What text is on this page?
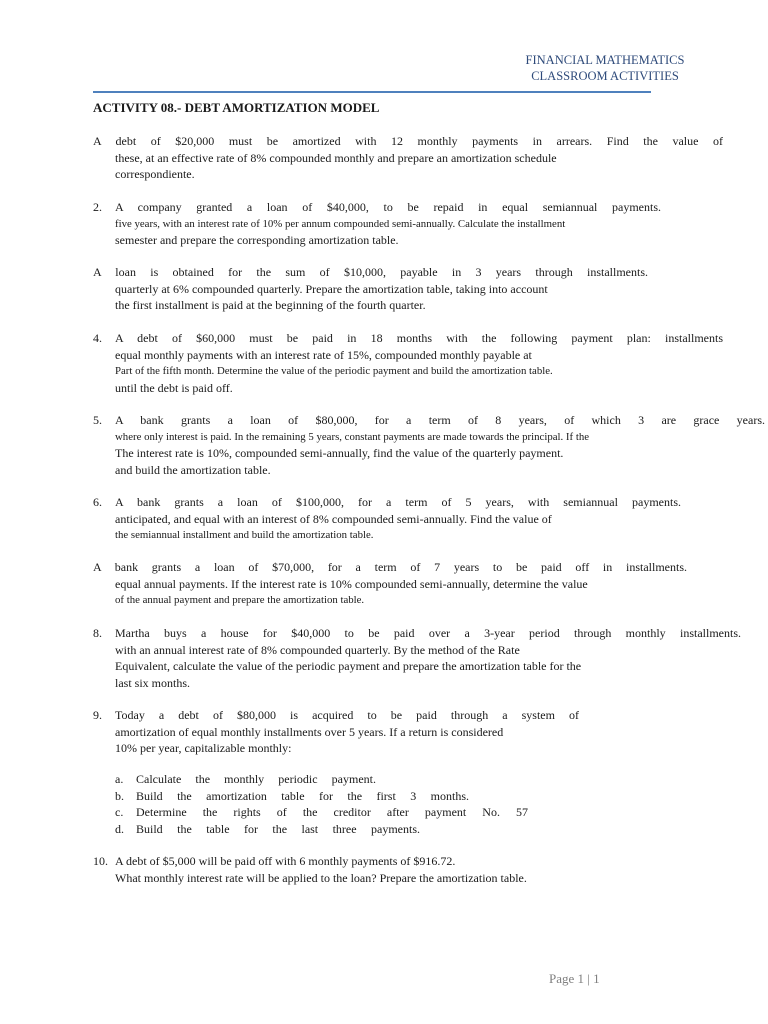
FINANCIAL MATHEMATICS
CLASSROOM ACTIVITIES
ACTIVITY 08.- DEBT AMORTIZATION MODEL
A debt of $20,000 must be amortized with 12 monthly payments in arrears. Find the value of
these, at an effective rate of 8% compounded monthly and prepare an amortization schedule
correspondiente.
2.	A company granted a loan of $40,000, to be repaid in equal semiannual payments.
five years, with an interest rate of 10% per annum compounded semi-annually. Calculate the installment
semester and prepare the corresponding amortization table.
A loan is obtained for the sum of $10,000, payable in 3 years through installments.
quarterly at 6% compounded quarterly. Prepare the amortization table, taking into account
the first installment is paid at the beginning of the fourth quarter.
4.	A debt of $60,000 must be paid in 18 months with the following payment plan: installments
equal monthly payments with an interest rate of 15%, compounded monthly payable at
Part of the fifth month. Determine the value of the periodic payment and build the amortization table.
until the debt is paid off.
5.	A bank grants a loan of $80,000, for a term of 8 years, of which 3 are grace years.
where only interest is paid. In the remaining 5 years, constant payments are made towards the principal. If the
The interest rate is 10%, compounded semi-annually, find the value of the quarterly payment.
and build the amortization table.
6.	A bank grants a loan of $100,000, for a term of 5 years, with semiannual payments.
anticipated, and equal with an interest of 8% compounded semi-annually. Find the value of
the semiannual installment and build the amortization table.
A bank grants a loan of $70,000, for a term of 7 years to be paid off in installments.
equal annual payments. If the interest rate is 10% compounded semi-annually, determine the value
of the annual payment and prepare the amortization table.
8.	Martha buys a house for $40,000 to be paid over a 3-year period through monthly installments.
with an annual interest rate of 8% compounded quarterly. By the method of the Rate
Equivalent, calculate the value of the periodic payment and prepare the amortization table for the
last six months.
9.	Today a debt of $80,000 is acquired to be paid through a system of
amortization of equal monthly installments over 5 years. If a return is considered
10% per year, capitalizable monthly:
a.	Calculate the monthly periodic payment.
b.	Build the amortization table for the first 3 months.
c.	Determine the rights of the creditor after payment No. 57
d.	Build the table for the last three payments.
10. A debt of $5,000 will be paid off with 6 monthly payments of $916.72.
What monthly interest rate will be applied to the loan? Prepare the amortization table.
Page 1 | 1
